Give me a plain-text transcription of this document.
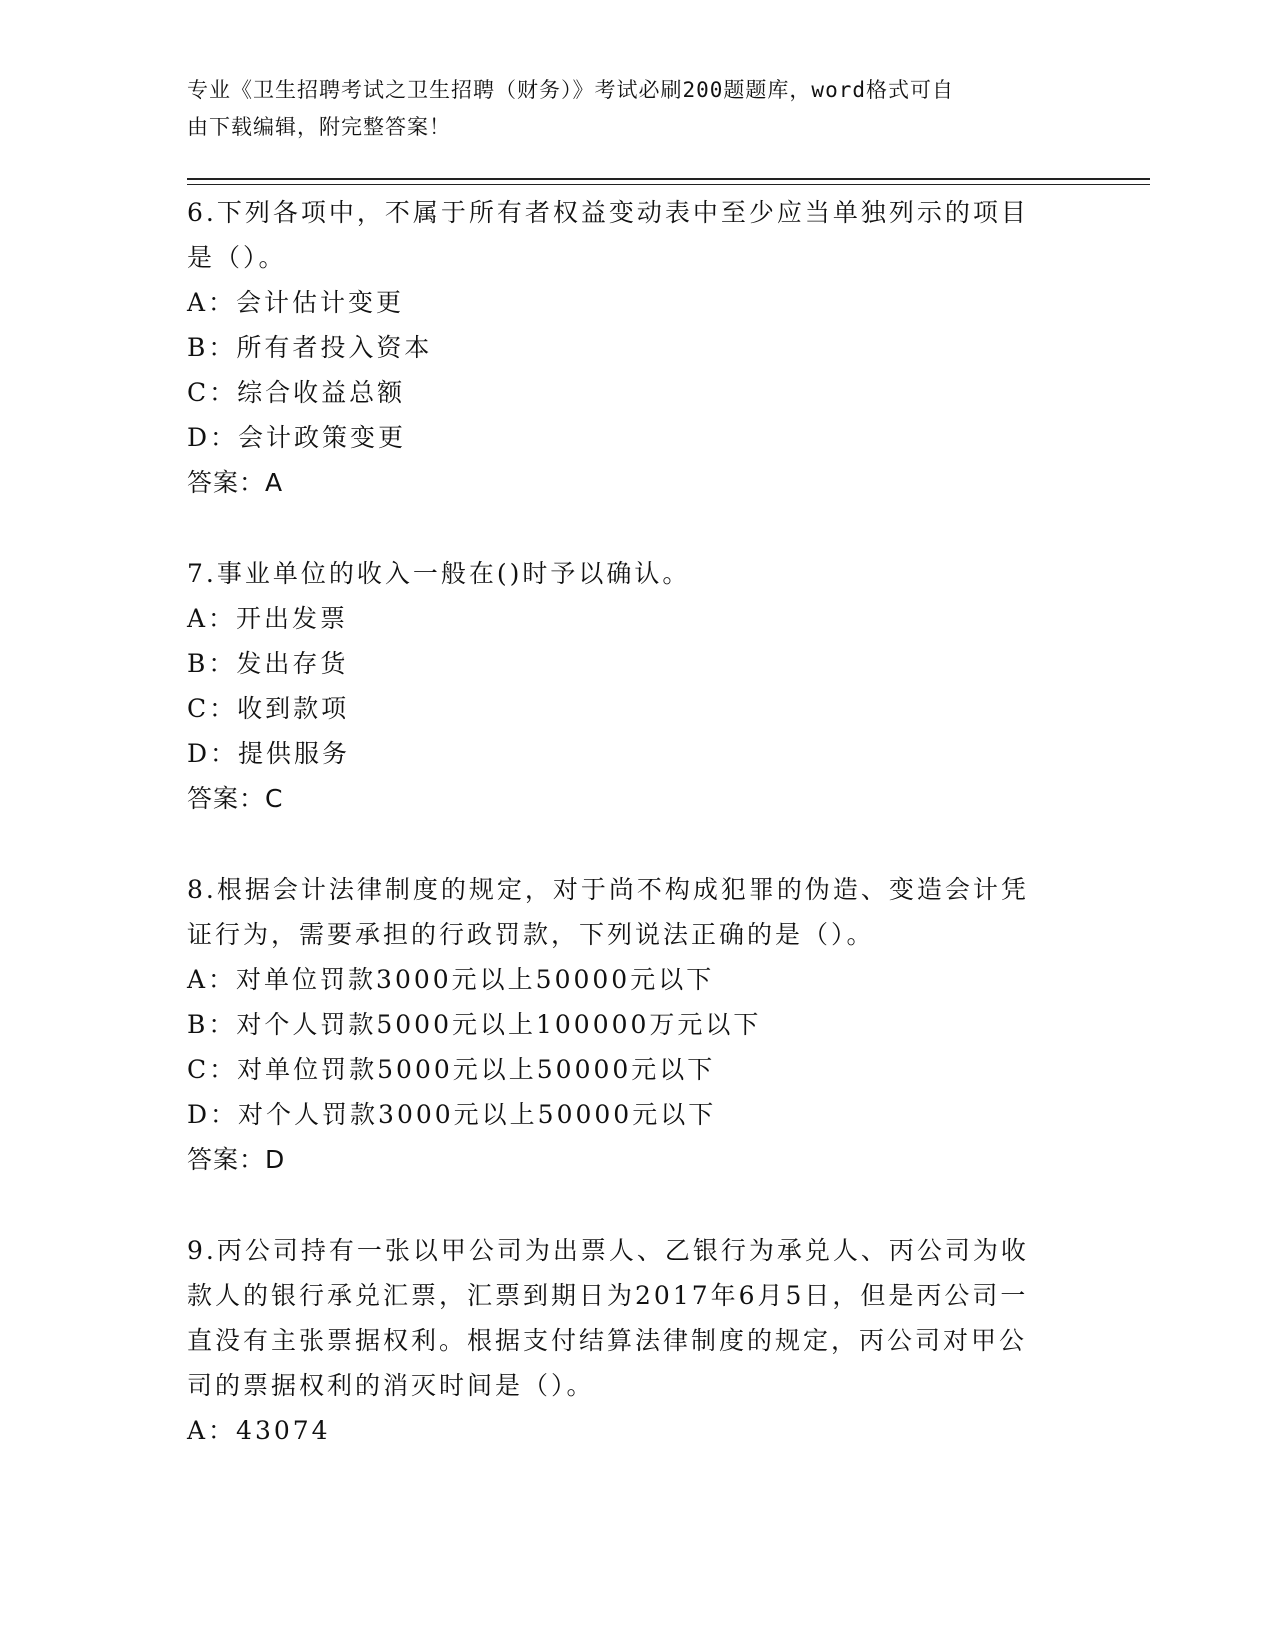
专业《卫生招聘考试之卫生招聘（财务）》考试必刷200题题库，word格式可自
由下载编辑，附完整答案！

6.下列各项中，不属于所有者权益变动表中至少应当单独列示的项目

是（）。

A：会计估计变更

B：所有者投入资本

C：综合收益总额

D：会计政策变更

答案：A

7.事业单位的收入一般在()时予以确认。

A：开出发票

B：发出存货

C：收到款项

D：提供服务

答案：C

8.根据会计法律制度的规定，对于尚不构成犯罪的伪造、变造会计凭

证行为，需要承担的行政罚款，下列说法正确的是（）。

A：对单位罚款3000元以上50000元以下

B：对个人罚款5000元以上100000万元以下

C：对单位罚款5000元以上50000元以下

D：对个人罚款3000元以上50000元以下

答案：D

9.丙公司持有一张以甲公司为出票人、乙银行为承兑人、丙公司为收

款人的银行承兑汇票，汇票到期日为2017年6月5日，但是丙公司一

直没有主张票据权利。根据支付结算法律制度的规定，丙公司对甲公

司的票据权利的消灭时间是（）。

A：43074
